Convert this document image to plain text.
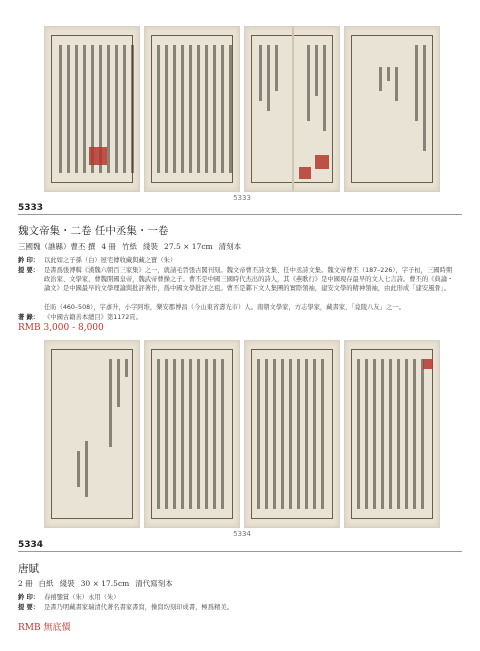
5333
5333
魏文帝集・二卷 任中丞集・一卷
三國魏（譙縣）曹丕 撰 4 冊 竹紙 綫裝 27.5 × 17cm 清刻本
鈐 印： 以此如之子孫（白）屋宅傳收藏與藏之寶（朱）
提 要： 是書爲張溥輯《漢魏六朝百三家集》之一，就請毛晉張古閣刊刻。魏文帝曹丕詩文集、任中丞詩文集。魏文帝曹丕（187–226），字子桓，三國時期政治家、文學家，曹魏開國皇帝，魏武帝曹操之子。曹丕是中國三國時代杰出的詩人，其《燕歌行》是中國現存最早的文人七言詩。曹丕的《典論・論文》是中國最早的文學理論與批評著作，爲中國文學批評之祖。曹丕是鄴下文人集團的實際領袖，建安文學的精神領袖，由此形成「建安風骨」。
任昉（460–508），字彥升，小字阿堆，樂安郡博昌（今山東省壽光市）人。南朝文學家，方志學家，藏書家，「竟陵八友」之一。
著 錄： 《中國古籍善本總目》第1172頁。
RMB 3,000 - 8,000
5334
5334
唐賦
2 冊 白紙 綫裝 30 × 17.5cm 清代寫刻本
鈐 印： 春禧鑒賞（朱）永用（朱）
提 要： 是書乃明藏書家瑞清代著名書家書寫，操寫均刻印成書，極爲精美。
RMB 無底價
